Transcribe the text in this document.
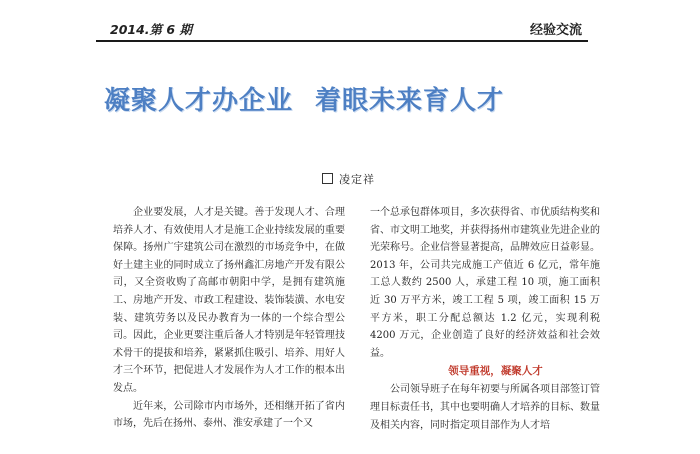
2014.第 6 期	经验交流
凝聚人才办企业 着眼未来育人才
凌定祥

企业要发展，人才是关键。善于发现人才、合理培养人才、有效使用人才是施工企业持续发展的重要保障。扬州广宇建筑公司在激烈的市场竞争中，在做好土建主业的同时成立了扬州鑫汇房地产开发有限公司，又全资收购了高邮市朝阳中学，是拥有建筑施工、房地产开发、市政工程建设、装饰装潢、水电安装、建筑劳务以及民办教育为一体的一个综合型公司。因此，企业更要注重后备人才特别是年轻管理技术骨干的提拔和培养，紧紧抓住吸引、培养、用好人才三个环节，把促进人才发展作为人才工作的根本出发点。

近年来，公司除市内市场外，还相继开拓了省内市场，先后在扬州、泰州、淮安承建了一个又

一个总承包群体项目，多次获得省、市优质结构奖和省、市文明工地奖，并获得扬州市建筑业先进企业的光荣称号。企业信誉显著提高，品牌效应日益彰显。2013 年，公司共完成施工产值近 6 亿元，常年施工总人数约 2500 人，承建工程 10 项，施工面积近 30 万平方米，竣工工程 5 项，竣工面积 15 万平方米，职工分配总额达 1.2 亿元，实现利税 4200 万元，企业创造了良好的经济效益和社会效益。

领导重视，凝聚人才

公司领导班子在每年初要与所属各项目部签订管理目标责任书，其中也要明确人才培养的目标、数量及相关内容，同时指定项目部作为人才培
